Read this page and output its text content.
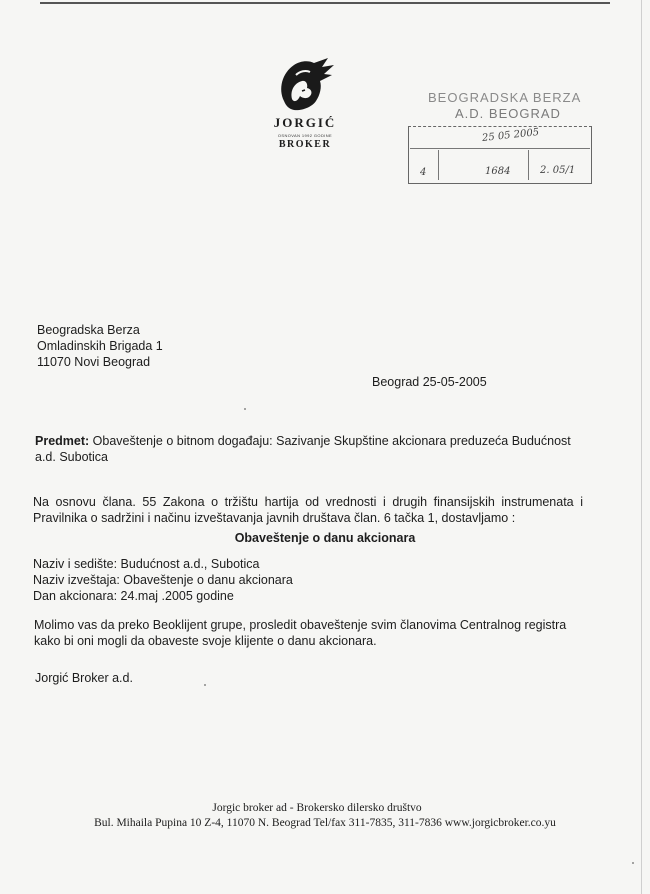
JORGIĆ
OSNOVAN 1992 GODINE
BROKER
BEOGRADSKA BERZA
A.D. BEOGRAD
25 05 2005
4	1684	2. 05/1
Beogradska Berza
Omladinskih Brigada 1
11070 Novi Beograd
Beograd 25-05-2005
Predmet: Obaveštenje o bitnom događaju: Sazivanje Skupštine akcionara preduzeća Budućnost a.d. Subotica
Na osnovu člana. 55 Zakona o tržištu hartija od vrednosti i drugih finansijskih instrumenata i Pravilnika o sadržini i načinu izveštavanja javnih društava član. 6 tačka 1, dostavljamo :
Obaveštenje o danu akcionara
Naziv i sedište: Budućnost a.d., Subotica
Naziv izveštaja: Obaveštenje o danu akcionara
Dan akcionara: 24.maj .2005 godine
Molimo vas da preko Beoklijent grupe, prosledit obaveštenje svim članovima Centralnog registra kako bi oni mogli da obaveste svoje klijente o danu akcionara.
Jorgić Broker a.d.
Jorgic broker ad - Brokersko dilersko društvo
Bul. Mihaila Pupina 10 Z-4, 11070 N. Beograd Tel/fax 311-7835, 311-7836 www.jorgicbroker.co.yu
